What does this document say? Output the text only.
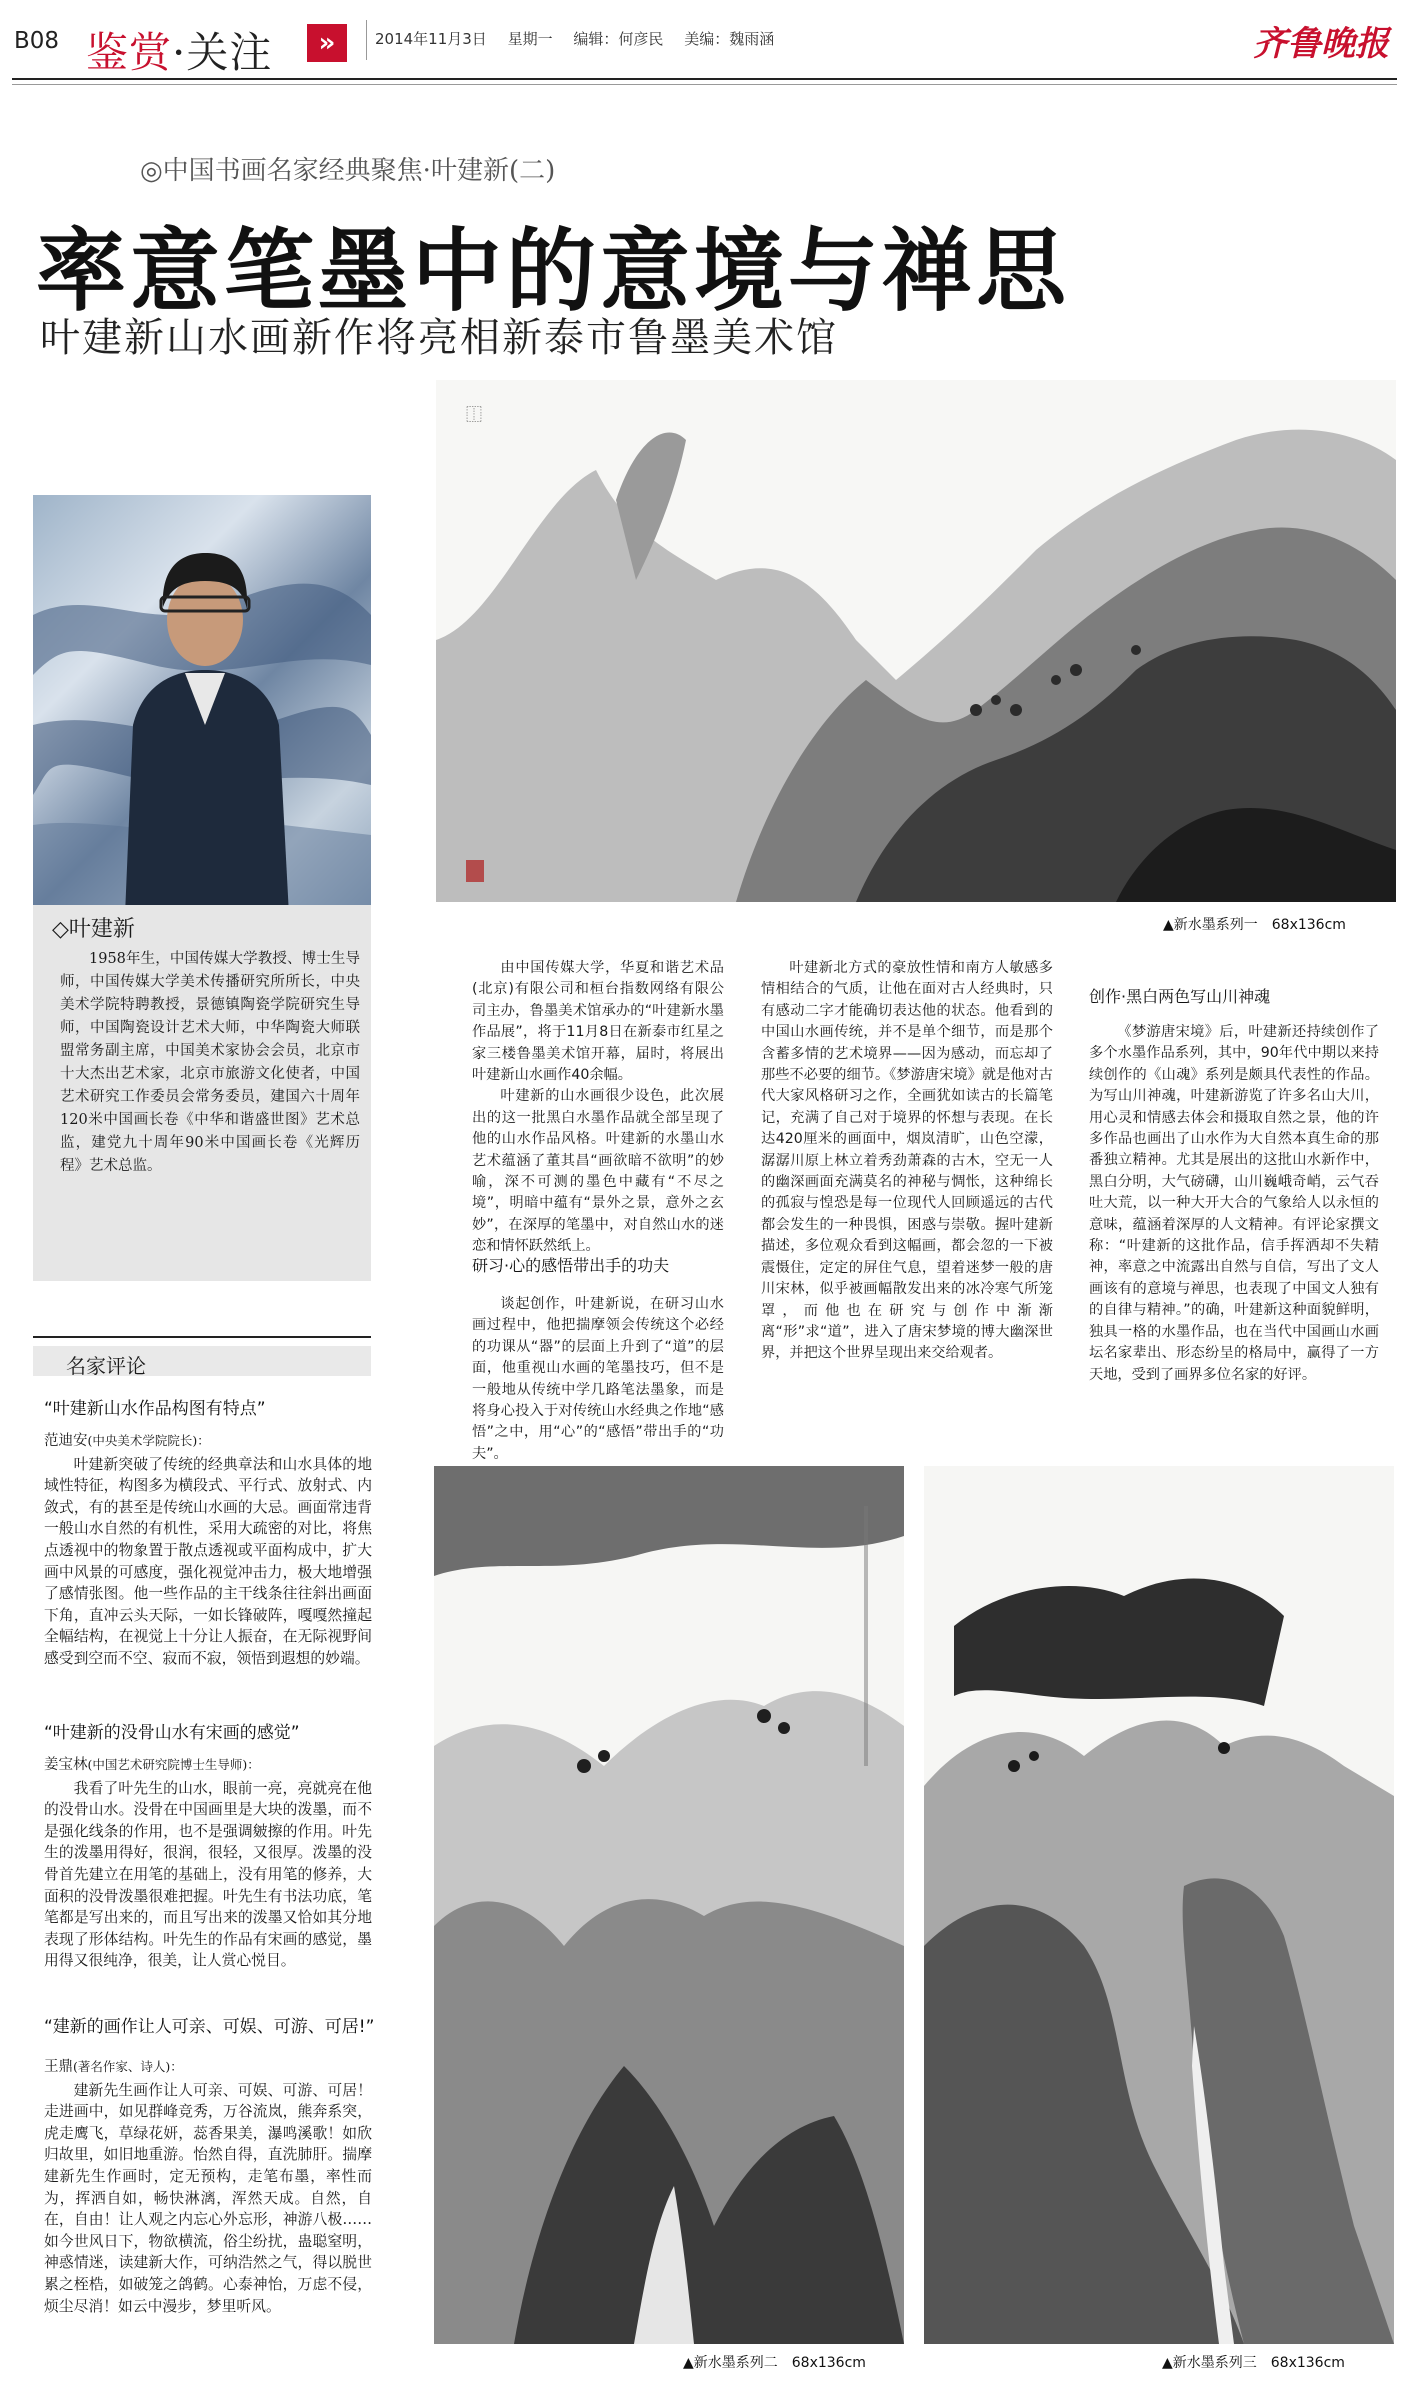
B08 鉴赏·关注	»	2014年11月3日 星期一 编辑：何彦民 美编：魏雨涵	齐鲁晚报
◎中国书画名家经典聚焦·叶建新(二)
率意笔墨中的意境与禅思
叶建新山水画新作将亮相新泰市鲁墨美术馆
◇叶建新
1958年生，中国传媒大学教授、博士生导师，中国传媒大学美术传播研究所所长，中央美术学院特聘教授，景德镇陶瓷学院研究生导师，中国陶瓷设计艺术大师，中华陶瓷大师联盟常务副主席，中国美术家协会会员，北京市十大杰出艺术家，北京市旅游文化使者，中国艺术研究工作委员会常务委员，建国六十周年120米中国画长卷《中华和谐盛世图》艺术总监，建党九十周年90米中国画长卷《光辉历程》艺术总监。
⿰
▲新水墨系列一　68x136cm

由中国传媒大学，华夏和谐艺术品(北京)有限公司和桓台指数网络有限公司主办，鲁墨美术馆承办的“叶建新水墨作品展”，将于11月8日在新泰市红星之家三楼鲁墨美术馆开幕，届时，将展出叶建新山水画作40余幅。

叶建新的山水画很少设色，此次展出的这一批黑白水墨作品就全部呈现了他的山水作品风格。叶建新的水墨山水艺术蕴涵了董其昌“画欲暗不欲明”的妙喻，深不可测的墨色中藏有“不尽之境”，明暗中蕴有“景外之景，意外之玄妙”，在深厚的笔墨中，对自然山水的迷恋和情怀跃然纸上。

研习·心的感悟带出手的功夫

谈起创作，叶建新说，在研习山水画过程中，他把揣摩领会传统这个必经的功课从“器”的层面上升到了“道”的层面，他重视山水画的笔墨技巧，但不是一般地从传统中学几路笔法墨象，而是将身心投入于对传统山水经典之作地“感悟”之中，用“心”的“感悟”带出手的“功夫”。

叶建新北方式的豪放性情和南方人敏感多情相结合的气质，让他在面对古人经典时，只有感动二字才能确切表达他的状态。他看到的中国山水画传统，并不是单个细节，而是那个含蓄多情的艺术境界——因为感动，而忘却了那些不必要的细节。《梦游唐宋境》就是他对古代大家风格研习之作，全画犹如读古的长篇笔记，充满了自己对于境界的怀想与表现。在长达420厘米的画面中，烟岚清旷，山色空濛，潺潺川原上林立着秀劲萧森的古木，空无一人的幽深画面充满莫名的神秘与惆怅，这种绵长的孤寂与惶恐是每一位现代人回顾遥远的古代都会发生的一种畏惧，困惑与崇敬。握叶建新描述，多位观众看到这幅画，都会忽的一下被震慑住，定定的屏住气息，望着迷梦一般的唐川宋林，似乎被画幅散发出来的冰冷寒气所笼罩，而他也在研究与创作中渐渐离“形”求“道”，进入了唐宋梦境的博大幽深世界，并把这个世界呈现出来交给观者。

创作·黑白两色写山川神魂

《梦游唐宋境》后，叶建新还持续创作了多个水墨作品系列，其中，90年代中期以来持续创作的《山魂》系列是颇具代表性的作品。为写山川神魂，叶建新游览了许多名山大川，用心灵和情感去体会和摄取自然之景，他的许多作品也画出了山水作为大自然本真生命的那番独立精神。尤其是展出的这批山水新作中，黑白分明，大气磅礴，山川巍峨奇峭，云气吞吐大荒，以一种大开大合的气象给人以永恒的意味，蕴涵着深厚的人文精神。有评论家撰文称：“叶建新的这批作品，信手挥洒却不失精神，率意之中流露出自然与自信，写出了文人画该有的意境与禅思，也表现了中国文人独有的自律与精神。”的确，叶建新这种面貌鲜明，独具一格的水墨作品，也在当代中国画山水画坛名家辈出、形态纷呈的格局中，赢得了一方天地，受到了画界多位名家的好评。

▲新水墨系列二　68x136cm	▲新水墨系列三　68x136cm
名家评论
“叶建新山水作品构图有特点”
范迪安(中央美术学院院长)：

叶建新突破了传统的经典章法和山水具体的地域性特征，构图多为横段式、平行式、放射式、内敛式，有的甚至是传统山水画的大忌。画面常违背一般山水自然的有机性，采用大疏密的对比，将焦点透视中的物象置于散点透视或平面构成中，扩大画中风景的可感度，强化视觉冲击力，极大地增强了感情张图。他一些作品的主干线条往往斜出画面下角，直冲云头天际，一如长锋破阵，嘎嘎然撞起全幅结构，在视觉上十分让人振奋，在无际视野间感受到空而不空、寂而不寂，领悟到遐想的妙端。

“叶建新的没骨山水有宋画的感觉”
姜宝林(中国艺术研究院博士生导师)：

我看了叶先生的山水，眼前一亮，亮就亮在他的没骨山水。没骨在中国画里是大块的泼墨，而不是强化线条的作用，也不是强调皴擦的作用。叶先生的泼墨用得好，很润，很轻，又很厚。泼墨的没骨首先建立在用笔的基础上，没有用笔的修养，大面积的没骨泼墨很难把握。叶先生有书法功底，笔笔都是写出来的，而且写出来的泼墨又恰如其分地表现了形体结构。叶先生的作品有宋画的感觉，墨用得又很纯净，很美，让人赏心悦目。

“建新的画作让人可亲、可娱、可游、可居!”
王鼎(著名作家、诗人)：

建新先生画作让人可亲、可娱、可游、可居！走进画中，如见群峰竞秀，万谷流岚，熊奔系突，虎走鹰飞，草绿花妍，蕊香果美，瀑鸣溪歌！如欣归故里，如旧地重游。怡然自得，直洗肺肝。揣摩建新先生作画时，定无预构，走笔布墨，率性而为，挥洒自如，畅快淋漓，浑然天成。自然，自在，自由！让人观之内忘心外忘形，神游八极……如今世风日下，物欲横流，俗尘纷扰，蛊聪窒明，神惑情迷，读建新大作，可纳浩然之气，得以脱世累之桎梏，如破笼之鸽鹤。心泰神怡，万虑不侵，烦尘尽消！如云中漫步，梦里听风。
